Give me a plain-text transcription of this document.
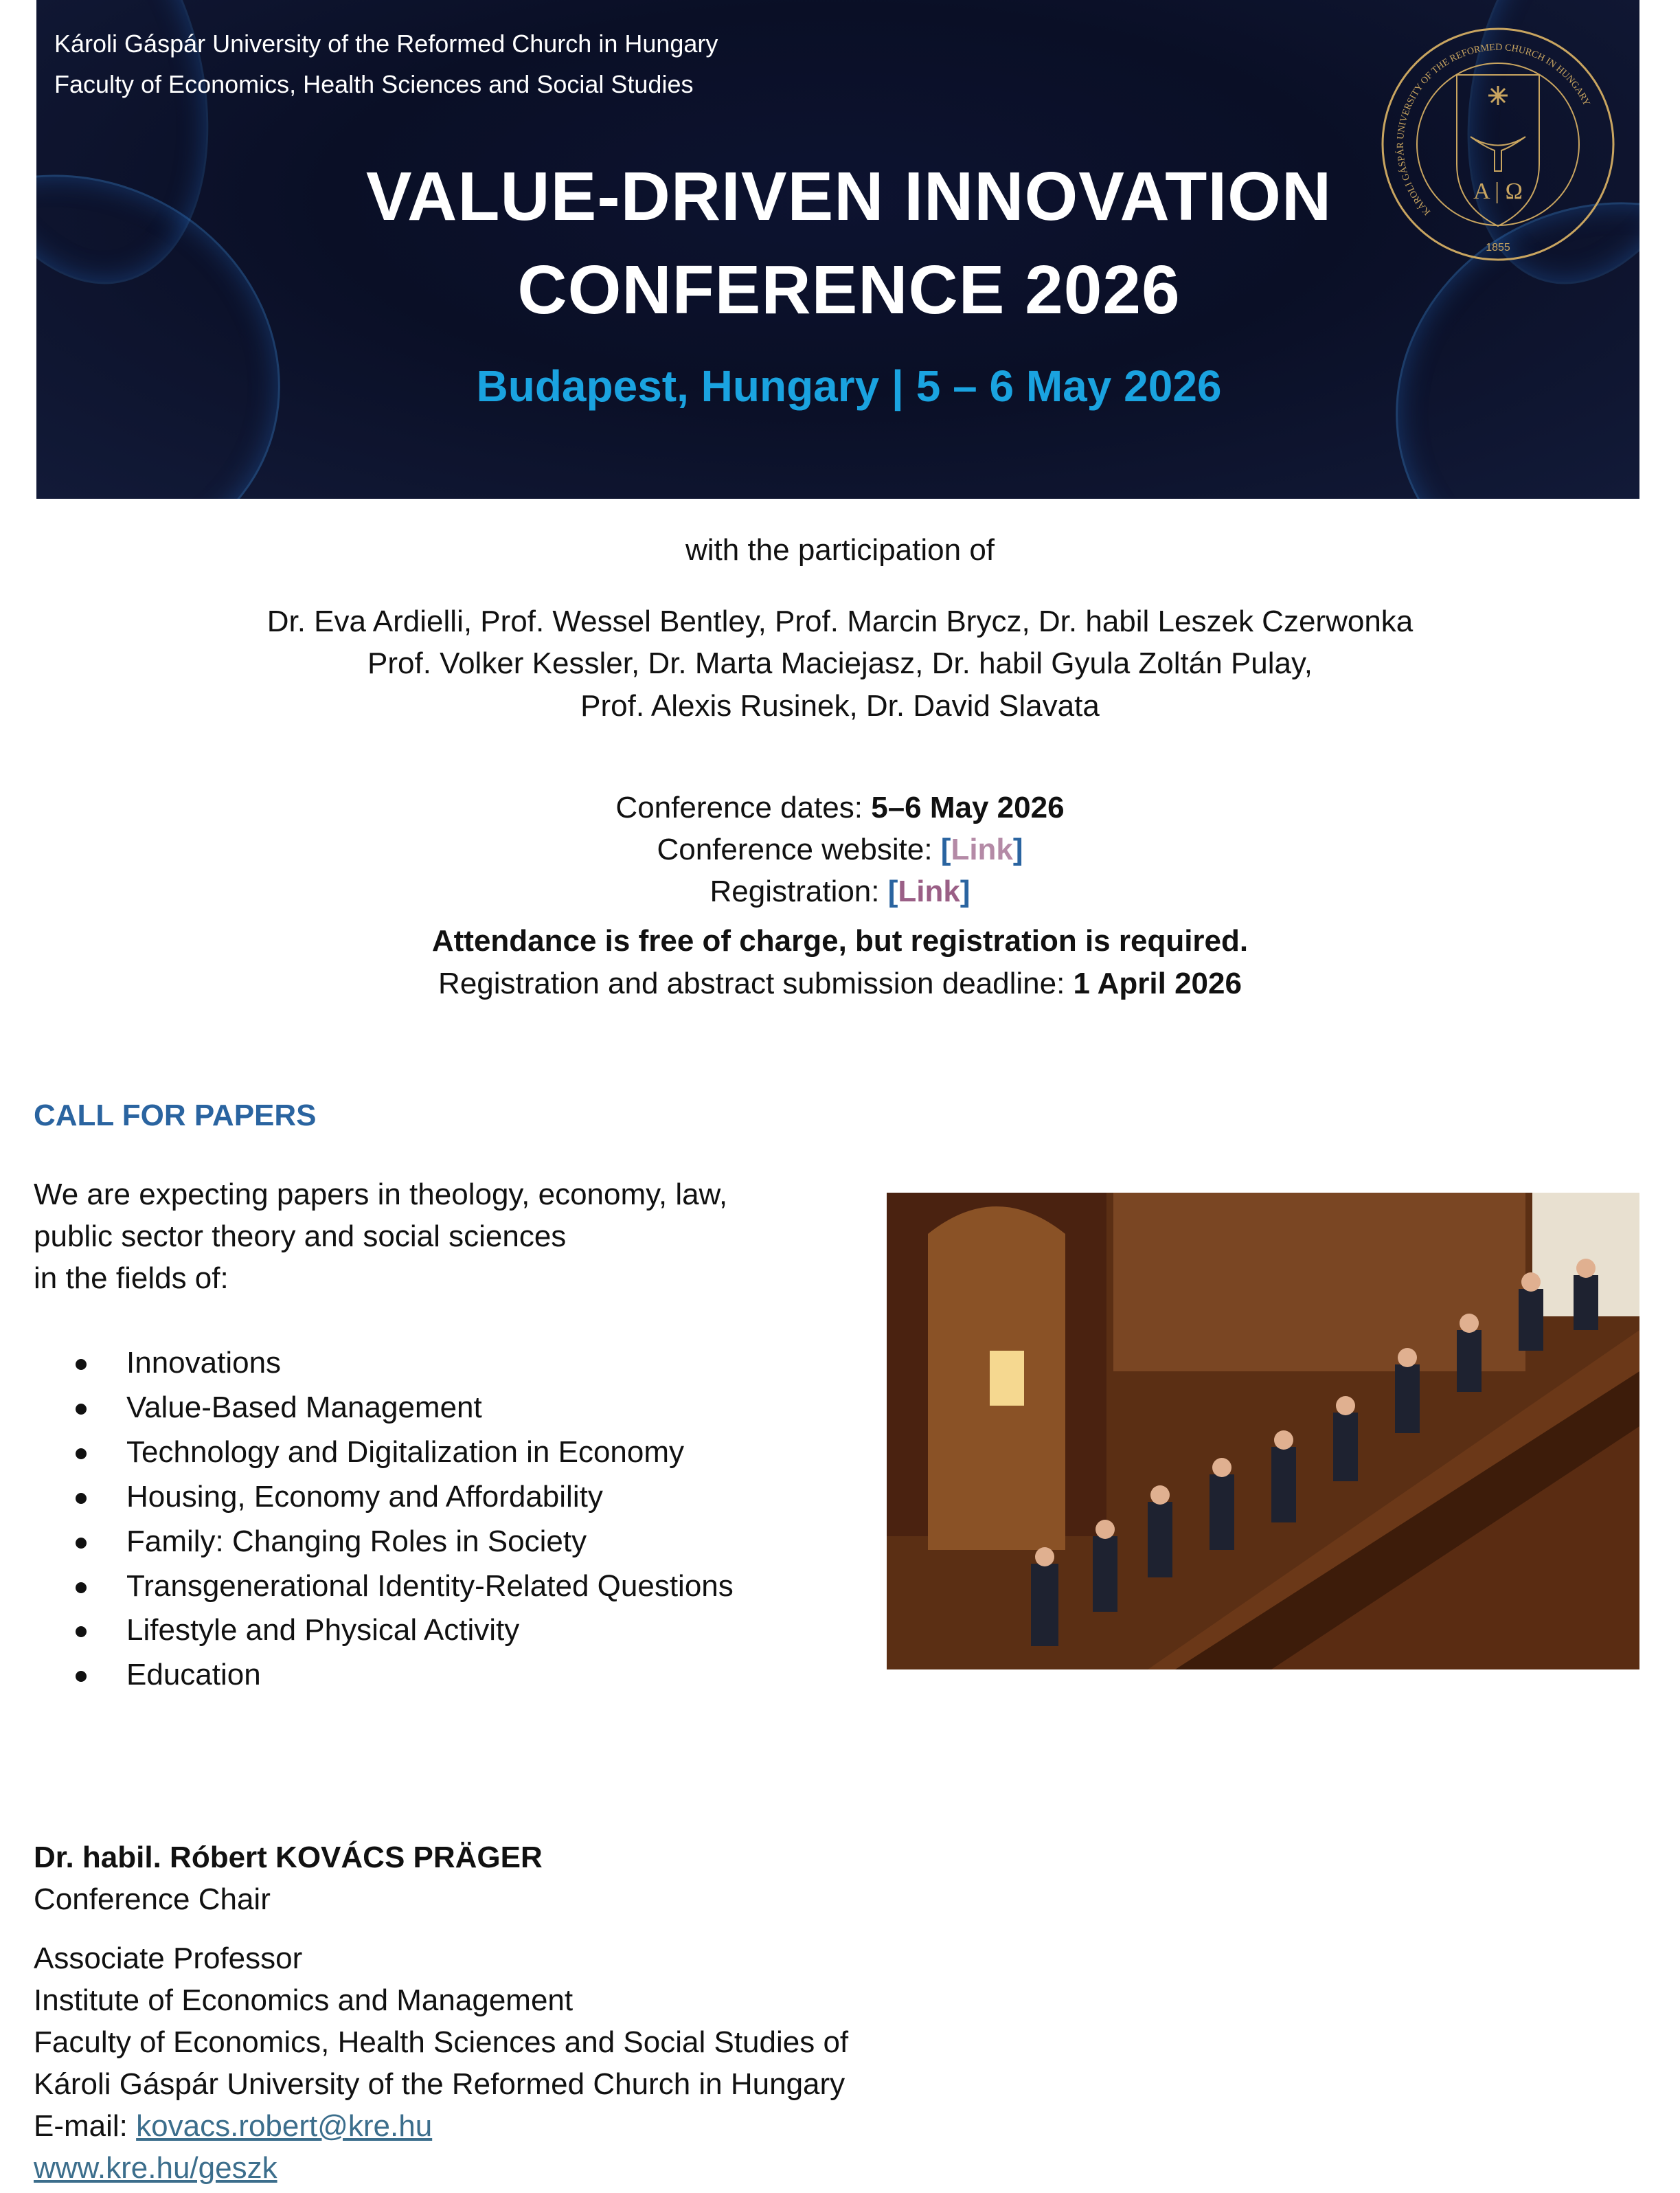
Károli Gáspár University of the Reformed Church in Hungary
Faculty of Economics, Health Sciences and Social Studies
VALUE-DRIVEN INNOVATION
CONFERENCE 2026
Budapest, Hungary | 5 – 6 May 2026
KÁROLI GÁSPÁR UNIVERSITY OF THE REFORMED CHURCH IN HUNGARY
A | Ω
1855
with the participation of
Dr. Eva Ardielli, Prof. Wessel Bentley, Prof. Marcin Brycz, Dr. habil Leszek Czerwonka
Prof. Volker Kessler, Dr. Marta Maciejasz, Dr. habil Gyula Zoltán Pulay,
Prof. Alexis Rusinek, Dr. David Slavata
Conference dates: 5–6 May 2026
Conference website: [Link]
Registration: [Link]
Attendance is free of charge, but registration is required.
Registration and abstract submission deadline: 1 April 2026
CALL FOR PAPERS
We are expecting papers in theology, economy, law,
public sector theory and social sciences
in the fields of:
Innovations
Value-Based Management
Technology and Digitalization in Economy
Housing, Economy and Affordability
Family: Changing Roles in Society
Transgenerational Identity-Related Questions
Lifestyle and Physical Activity
Education
Dr. habil. Róbert KOVÁCS PRÄGER
Conference Chair
Associate Professor
Institute of Economics and Management
Faculty of Economics, Health Sciences and Social Studies of
Károli Gáspár University of the Reformed Church in Hungary
E-mail: kovacs.robert@kre.hu
www.kre.hu/geszk
